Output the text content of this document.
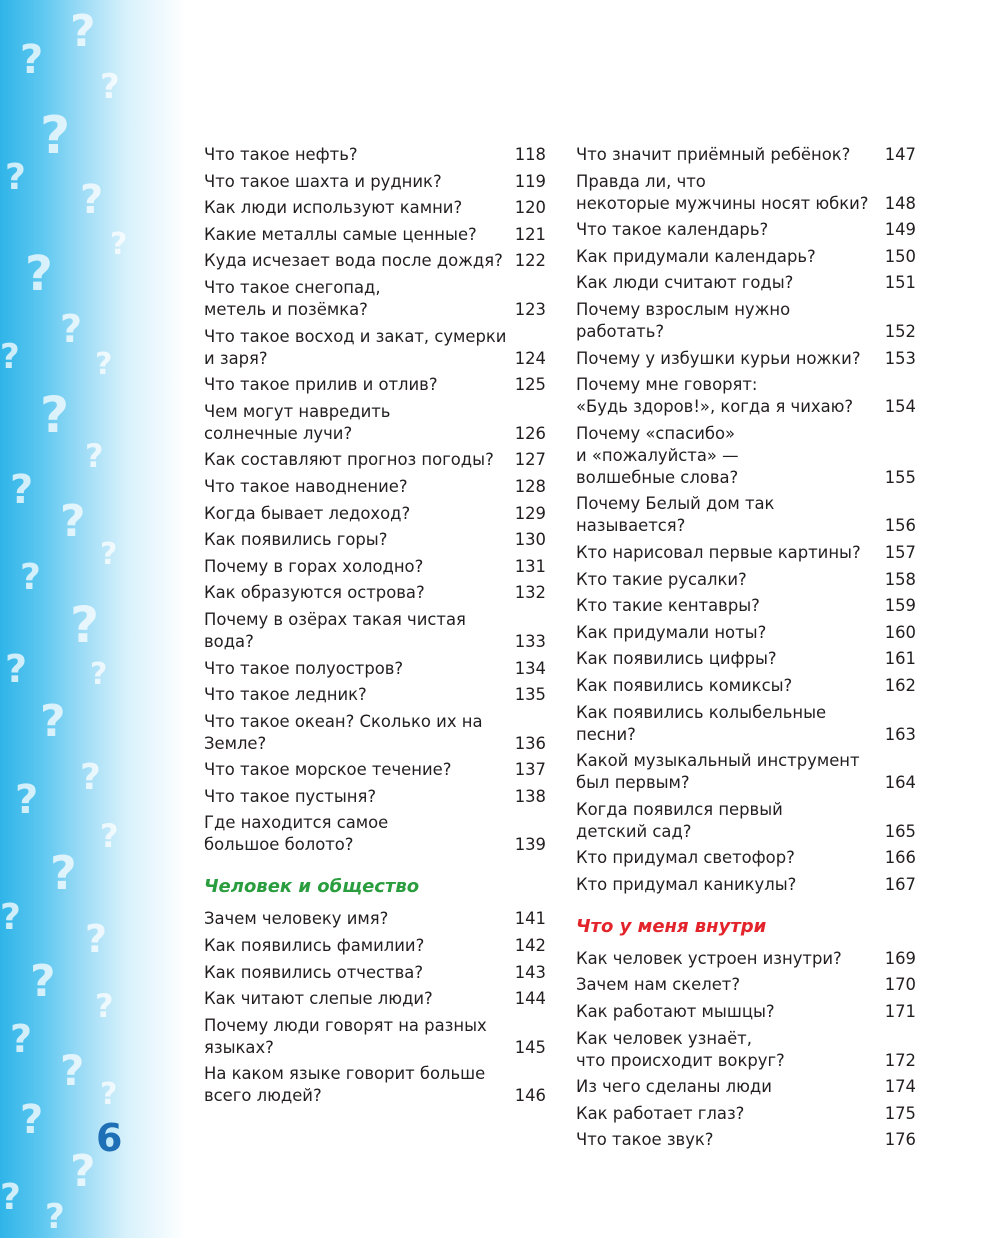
?
?
?
?
? ?
?
?
?
?	?
?
?
?
?
?
?
?
? ?
?
?
?
?
?
? ?
? ?
?
? ?
?
?
? ?
Что такое нефть?	118
Что такое шахта и рудник?	119
Как люди используют камни?	120
Какие металлы самые ценные?	121
Куда исчезает вода после дождя? 122
Что такое снегопад,
метель и позёмка?	123
Что такое восход и закат, сумерки
и заря?	124
Что такое прилив и отлив?	125
Чем могут навредить
солнечные лучи?	126
Как составляют прогноз погоды?	127
Что такое наводнение?	128
Когда бывает ледоход?	129
Как появились горы?	130
Почему в горах холодно?	131
Как образуются острова?	132
Почему в озёрах такая чистая вода?	133
Что такое полуостров?	134
Что такое ледник?	135
Что такое океан? Сколько их на
Земле?	136
Что такое морское течение?	137
Что такое пустыня?	138
Где находится самое
большое болото?	139
Человек и общество
Зачем человеку имя?	141
Как появились фамилии?	142
Как появились отчества?	143
Как читают слепые люди?	144
Почему люди говорят на разных
языках?	145
На каком языке говорит больше
всего людей?	146
Что значит приёмный ребёнок?	147
Правда ли, что
некоторые мужчины носят юбки? 148
Что такое календарь?	149
Как придумали календарь?	150
Как люди считают годы?	151
Почему взрослым нужно работать?	152
Почему у избушки курьи ножки?	153
Почему мне говорят:
«Будь здоров!», когда я чихаю?	154
Почему «спасибо»
и «пожалуйста» —
волшебные слова?	155
Почему Белый дом так называется?	156
Кто нарисовал первые картины?	157
Кто такие русалки?	158
Кто такие кентавры?	159
Как придумали ноты?	160
Как появились цифры?	161
Как появились комиксы?	162
Как появились колыбельные песни?	163
Какой музыкальный инструмент
был первым?	164
Когда появился первый
детский сад?	165
Кто придумал светофор?	166
Кто придумал каникулы?	167
Что у меня внутри
Как человек устроен изнутри?	169
Зачем нам скелет?	170
Как работают мышцы?	171
Как человек узнаёт,
что происходит вокруг?	172
Из чего сделаны люди	174
Как работает глаз?	175
Что такое звук?	176
6
